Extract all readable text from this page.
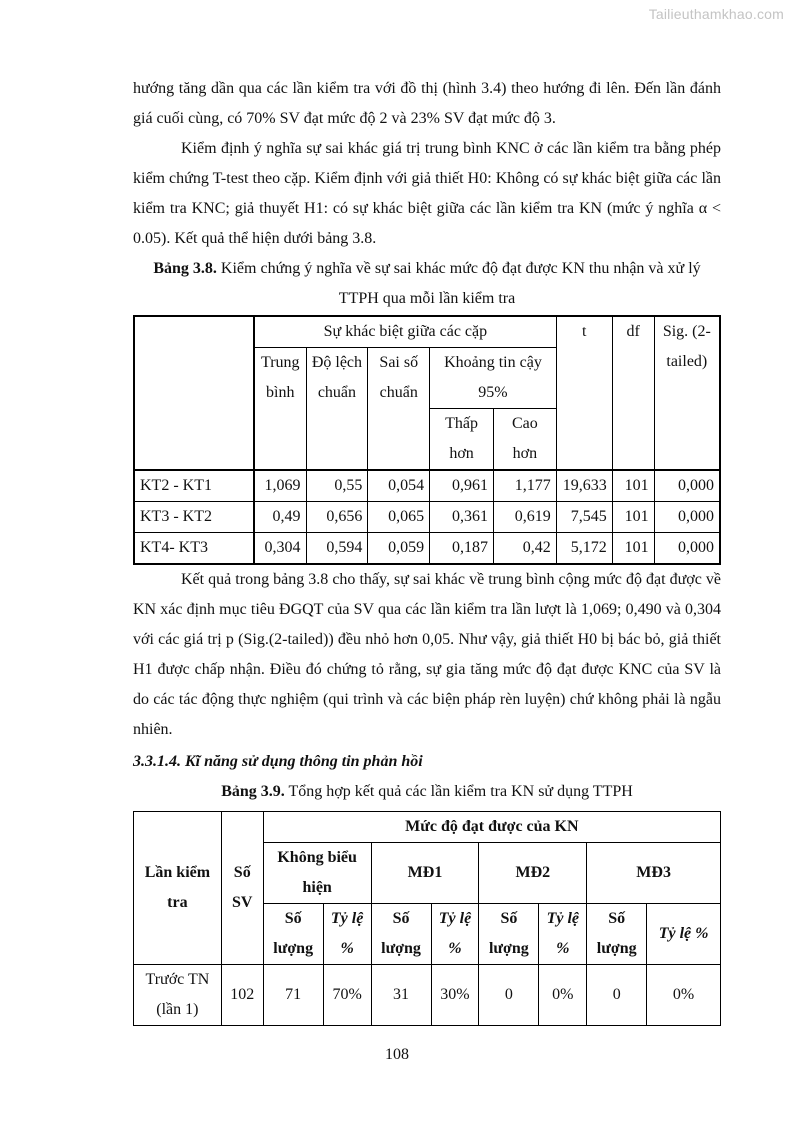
Tailieuthamkhao.com

hướng tăng dần qua các lần kiểm tra với đồ thị (hình 3.4) theo hướng đi lên. Đến lần đánh giá cuối cùng, có 70% SV đạt mức độ 2 và 23% SV đạt mức độ 3.

Kiểm định ý nghĩa sự sai khác giá trị trung bình KNC ở các lần kiểm tra bằng phép kiểm chứng T-test theo cặp. Kiểm định với giả thiết H0: Không có sự khác biệt giữa các lần kiểm tra KNC; giả thuyết H1: có sự khác biệt giữa các lần kiểm tra KN (mức ý nghĩa α < 0.05). Kết quả thể hiện dưới bảng 3.8.

Bảng 3.8. Kiểm chứng ý nghĩa về sự sai khác mức độ đạt được KN thu nhận và xử lý TTPH qua mỗi lần kiểm tra

	Sự khác biệt giữa các cặp					t	df	Sig. (2-tailed)
	Trung bình	Độ lệch chuẩn	Sai số chuẩn	Khoảng tin cậy 95%				
				Thấp hơn	Cao hơn			

KT2 - KT1	1,069	0,55	0,054	0,961	1,177	19,633	101	0,000
KT3 - KT2	0,49	0,656	0,065	0,361	0,619	7,545	101	0,000
KT4- KT3	0,304	0,594	0,059	0,187	0,42	5,172	101	0,000

Kết quả trong bảng 3.8 cho thấy, sự sai khác về trung bình cộng mức độ đạt được về KN xác định mục tiêu ĐGQT của SV qua các lần kiểm tra lần lượt là 1,069; 0,490 và 0,304 với các giá trị p (Sig.(2-tailed)) đều nhỏ hơn 0,05. Như vậy, giả thiết H0 bị bác bỏ, giả thiết H1 được chấp nhận. Điều đó chứng tỏ rằng, sự gia tăng mức độ đạt được KNC của SV là do các tác động thực nghiệm (qui trình và các biện pháp rèn luyện) chứ không phải là ngẫu nhiên.

3.3.1.4. Kĩ năng sử dụng thông tin phản hồi

Bảng 3.9. Tổng hợp kết quả các lần kiểm tra KN sử dụng TTPH

Lần kiểm tra	Số SV	Mức độ đạt được của KN							
		Không biểu hiện		MĐ1		MĐ2		MĐ3	
		Số lượng	Tỷ lệ %	Số lượng	Tỷ lệ %	Số lượng	Tỷ lệ %	Số lượng	Tỷ lệ %
Trước TN (lần 1)	102	71	70%	31	30%	0	0%	0	0%
108
